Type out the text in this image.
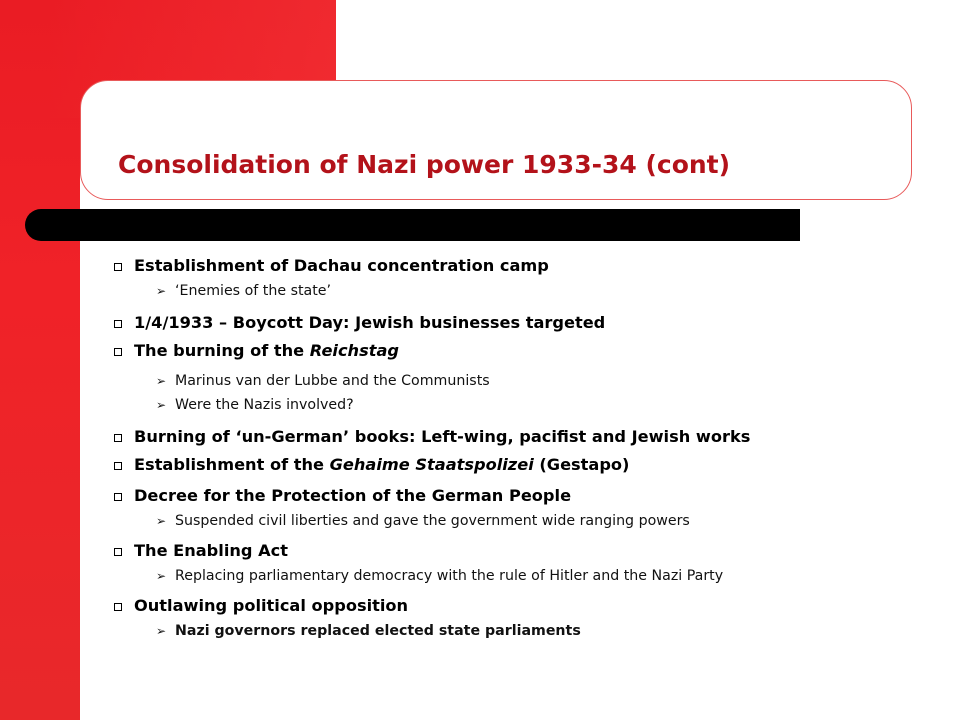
Consolidation of Nazi power 1933-34 (cont)
Establishment of Dachau concentration camp
➢ ‘Enemies of the state’
1/4/1933 – Boycott Day: Jewish businesses targeted
The burning of the Reichstag
➢ Marinus van der Lubbe and the Communists
➢ Were the Nazis involved?
Burning of ‘un-German’ books: Left-wing, pacifist and Jewish works
Establishment of the Gehaime Staatspolizei (Gestapo)
Decree for the Protection of the German People
➢ Suspended civil liberties and gave the government wide ranging powers
The Enabling Act
➢ Replacing parliamentary democracy with the rule of Hitler and the Nazi Party
Outlawing political opposition
➢ Nazi governors replaced elected state parliaments
